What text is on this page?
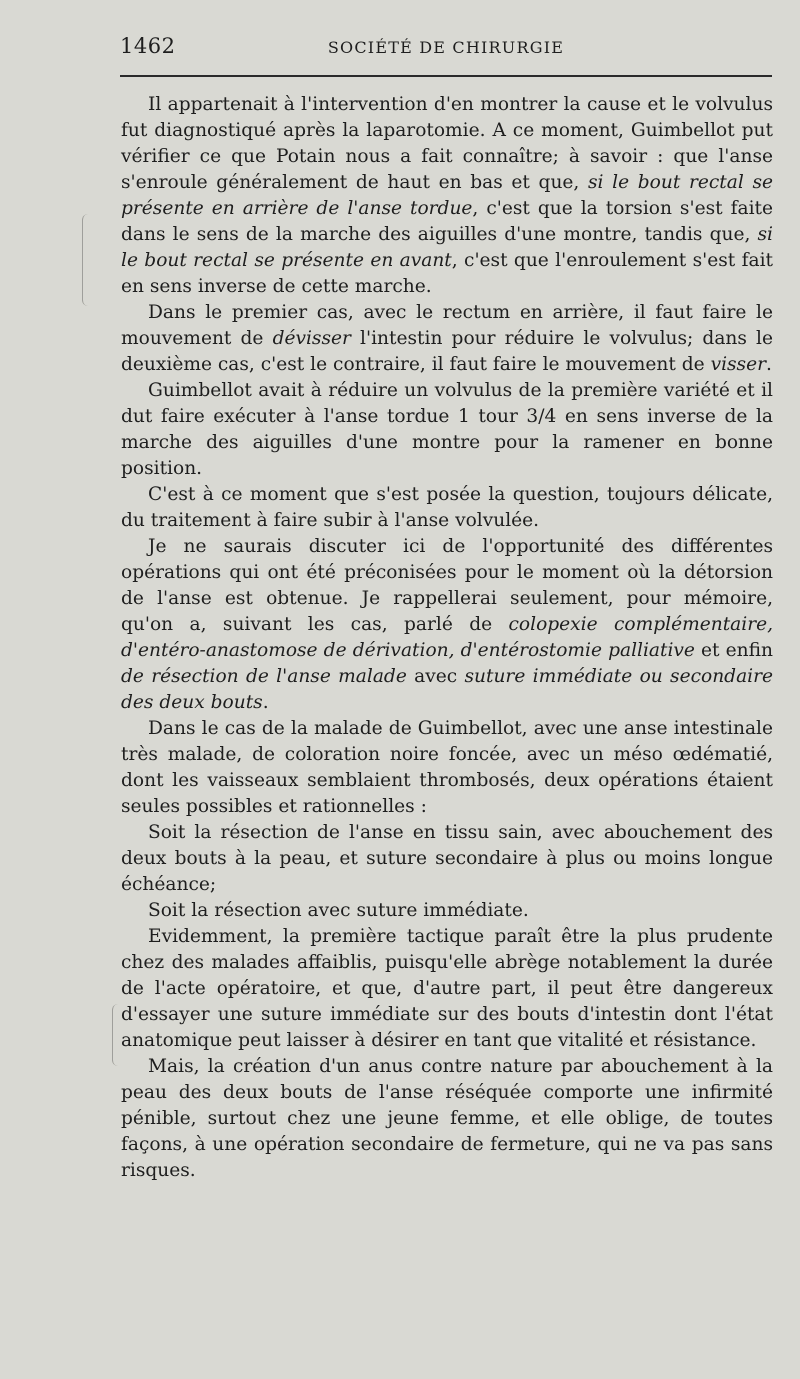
1462	SOCIÉTÉ DE CHIRURGIE

Il appartenait à l'intervention d'en montrer la cause et le volvulus fut diagnostiqué après la laparotomie. A ce moment, Guimbellot put vérifier ce que Potain nous a fait connaître; à savoir : que l'anse s'enroule généralement de haut en bas et que, si le bout rectal se présente en arrière de l'anse tordue, c'est que la torsion s'est faite dans le sens de la marche des aiguilles d'une montre, tandis que, si le bout rectal se présente en avant, c'est que l'enroulement s'est fait en sens inverse de cette marche.

Dans le premier cas, avec le rectum en arrière, il faut faire le mouvement de dévisser l'intestin pour réduire le volvulus; dans le deuxième cas, c'est le contraire, il faut faire le mouvement de visser.

Guimbellot avait à réduire un volvulus de la première variété et il dut faire exécuter à l'anse tordue 1 tour 3/4 en sens inverse de la marche des aiguilles d'une montre pour la ramener en bonne position.

C'est à ce moment que s'est posée la question, toujours délicate, du traitement à faire subir à l'anse volvulée.

Je ne saurais discuter ici de l'opportunité des différentes opérations qui ont été préconisées pour le moment où la détorsion de l'anse est obtenue. Je rappellerai seulement, pour mémoire, qu'on a, suivant les cas, parlé de colopexie complémentaire, d'entéro-anastomose de dérivation, d'entérostomie palliative et enfin de résection de l'anse malade avec suture immédiate ou secondaire des deux bouts.

Dans le cas de la malade de Guimbellot, avec une anse intestinale très malade, de coloration noire foncée, avec un méso œdématié, dont les vaisseaux semblaient thrombosés, deux opérations étaient seules possibles et rationnelles :

Soit la résection de l'anse en tissu sain, avec abouchement des deux bouts à la peau, et suture secondaire à plus ou moins longue échéance;

Soit la résection avec suture immédiate.

Evidemment, la première tactique paraît être la plus prudente chez des malades affaiblis, puisqu'elle abrège notablement la durée de l'acte opératoire, et que, d'autre part, il peut être dangereux d'essayer une suture immédiate sur des bouts d'intestin dont l'état anatomique peut laisser à désirer en tant que vitalité et résistance.

Mais, la création d'un anus contre nature par abouchement à la peau des deux bouts de l'anse réséquée comporte une infirmité pénible, surtout chez une jeune femme, et elle oblige, de toutes façons, à une opération secondaire de fermeture, qui ne va pas sans risques.
